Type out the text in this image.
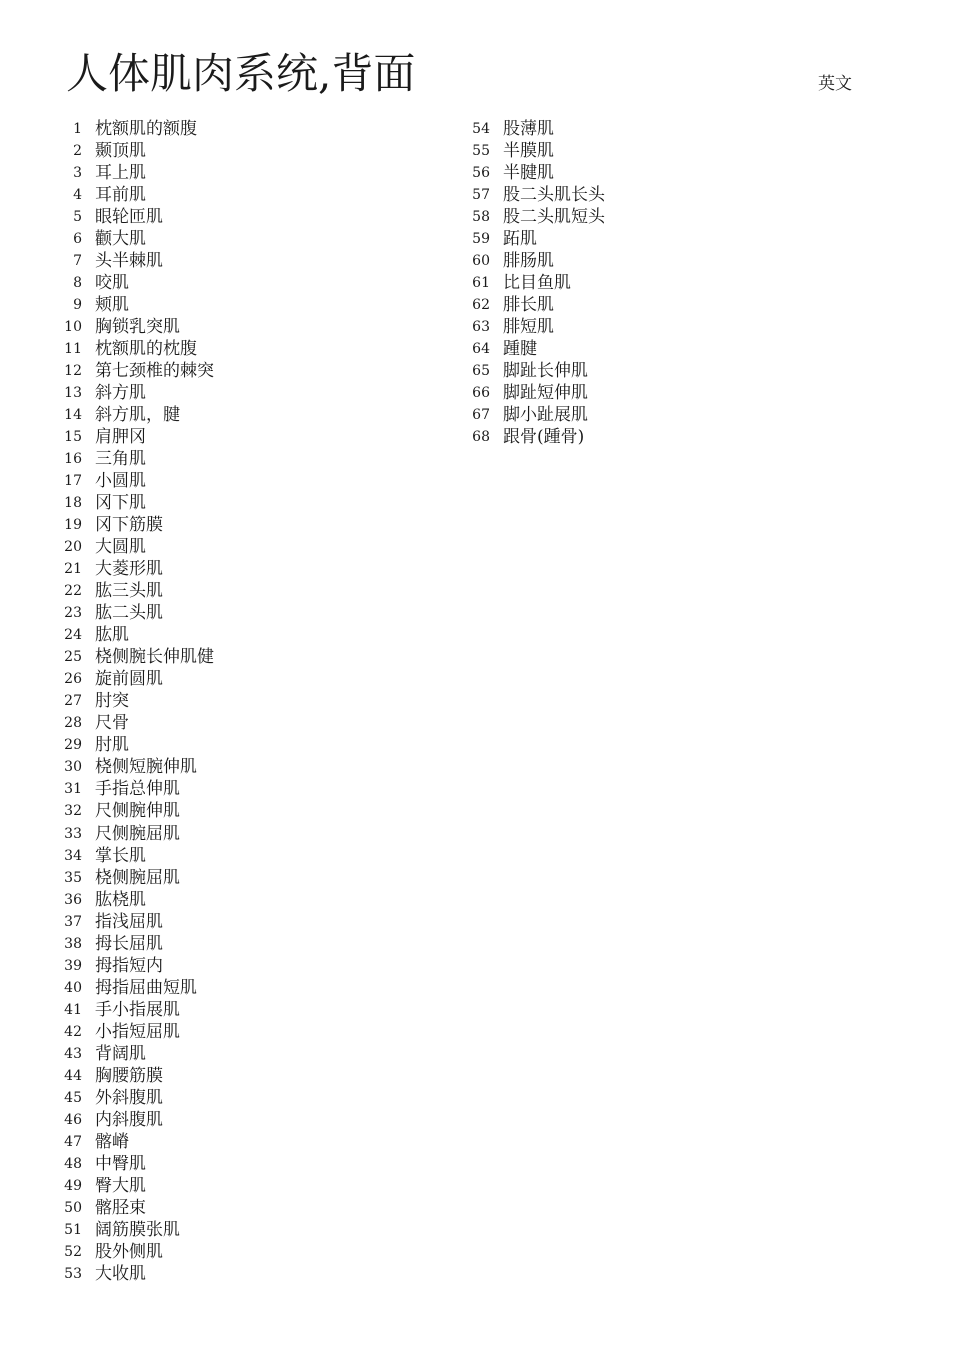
人体肌肉系统,背面	英文
1 枕额肌的额腹
2 颞顶肌
3 耳上肌
4 耳前肌
5 眼轮匝肌
6 颧大肌
7 头半棘肌
8 咬肌
9 颊肌
10 胸锁乳突肌
11 枕额肌的枕腹
12 第七颈椎的棘突
13 斜方肌
14 斜方肌，腱
15 肩胛冈
16 三角肌
17 小圆肌
18 冈下肌
19 冈下筋膜
20 大圆肌
21 大菱形肌
22 肱三头肌
23 肱二头肌
24 肱肌
25 桡侧腕长伸肌健
26 旋前圆肌
27 肘突
28 尺骨
29 肘肌
30 桡侧短腕伸肌
31 手指总伸肌
32 尺侧腕伸肌
33 尺侧腕屈肌
34 掌长肌
35 桡侧腕屈肌
36 肱桡肌
37 指浅屈肌
38 拇长屈肌
39 拇指短内
40 拇指屈曲短肌
41 手小指展肌
42 小指短屈肌
43 背阔肌
44 胸腰筋膜
45 外斜腹肌
46 内斜腹肌
47 髂嵴
48 中臀肌
49 臀大肌
50 髂胫束
51 阔筋膜张肌
52 股外侧肌
53 大收肌
54 股薄肌
55 半膜肌
56 半腱肌
57 股二头肌长头
58 股二头肌短头
59 跖肌
60 腓肠肌
61 比目鱼肌
62 腓长肌
63 腓短肌
64 踵腱
65 脚趾长伸肌
66 脚趾短伸肌
67 脚小趾展肌
68 跟骨(踵骨)
